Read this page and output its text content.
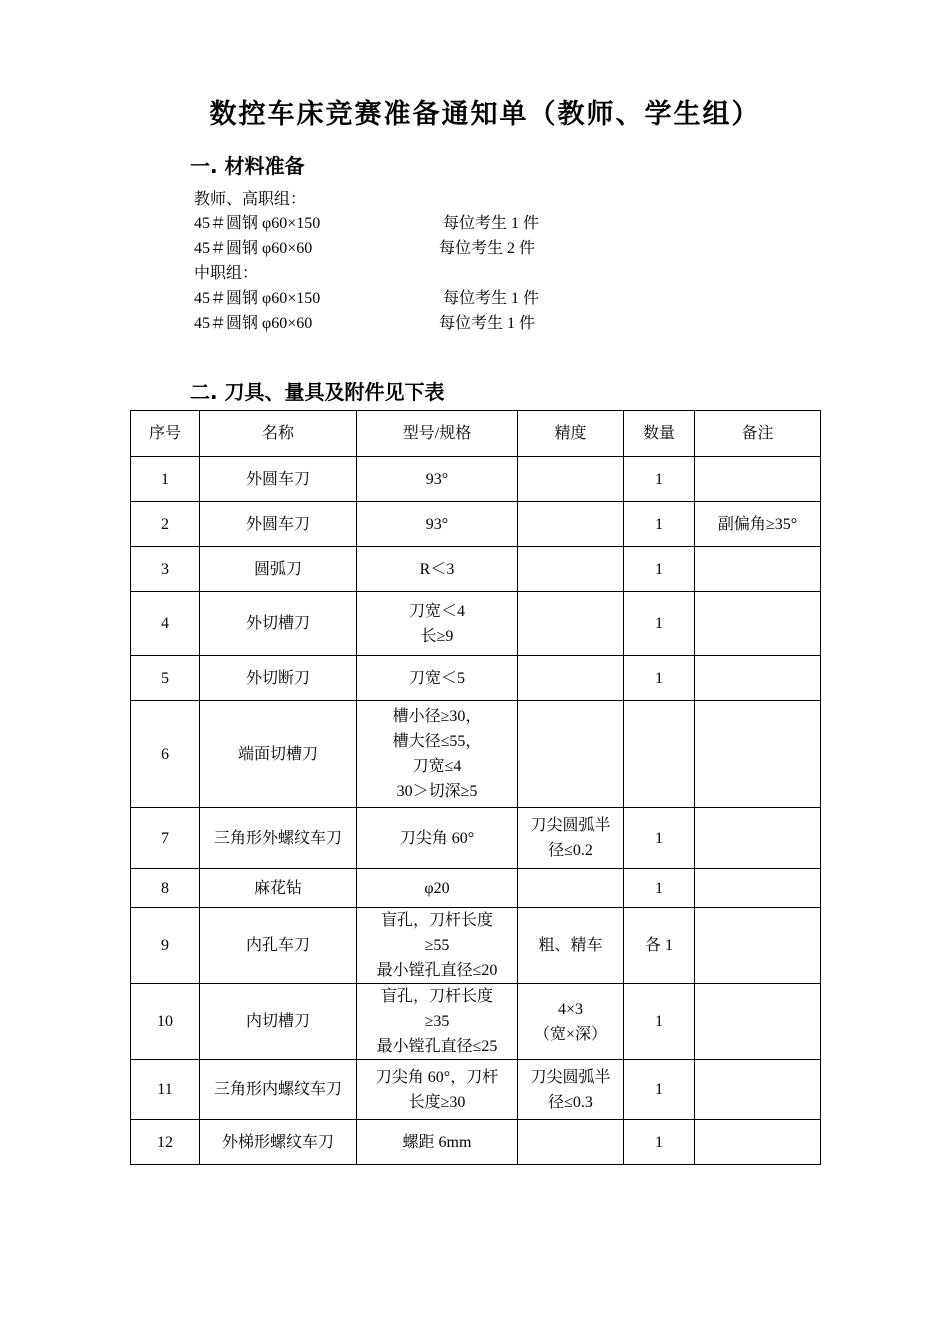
数控车床竞赛准备通知单（教师、学生组）
一. 材料准备
教师、高职组：
45＃圆钢 φ60×150	每位考生 1 件
45＃圆钢 φ60×60	每位考生 2 件
中职组：
45＃圆钢 φ60×150	每位考生 1 件
45＃圆钢 φ60×60	每位考生 1 件
二. 刀具、量具及附件见下表
序号	名称	型号/规格	精度	数量	备注
1	外圆车刀	93°		1	
2	外圆车刀	93°		1	副偏角≥35°
3	圆弧刀	R＜3		1	
4	外切槽刀	刀宽＜4
长≥9		1	
5	外切断刀	刀宽＜5		1	
6	端面切槽刀	槽小径≥30，
槽大径≤55，
刀宽≤4
30＞切深≥5			
7	三角形外螺纹车刀	刀尖角 60°	刀尖圆弧半
径≤0.2	1	
8	麻花钻	φ20		1	
9	内孔车刀	盲孔，刀杆长度
≥55
最小镗孔直径≤20	粗、精车	各 1	
10	内切槽刀	盲孔，刀杆长度
≥35
最小镗孔直径≤25	4×3
（宽×深）	1	
11	三角形内螺纹车刀	刀尖角 60°，刀杆
长度≥30	刀尖圆弧半
径≤0.3	1	
12	外梯形螺纹车刀	螺距 6mm		1	
